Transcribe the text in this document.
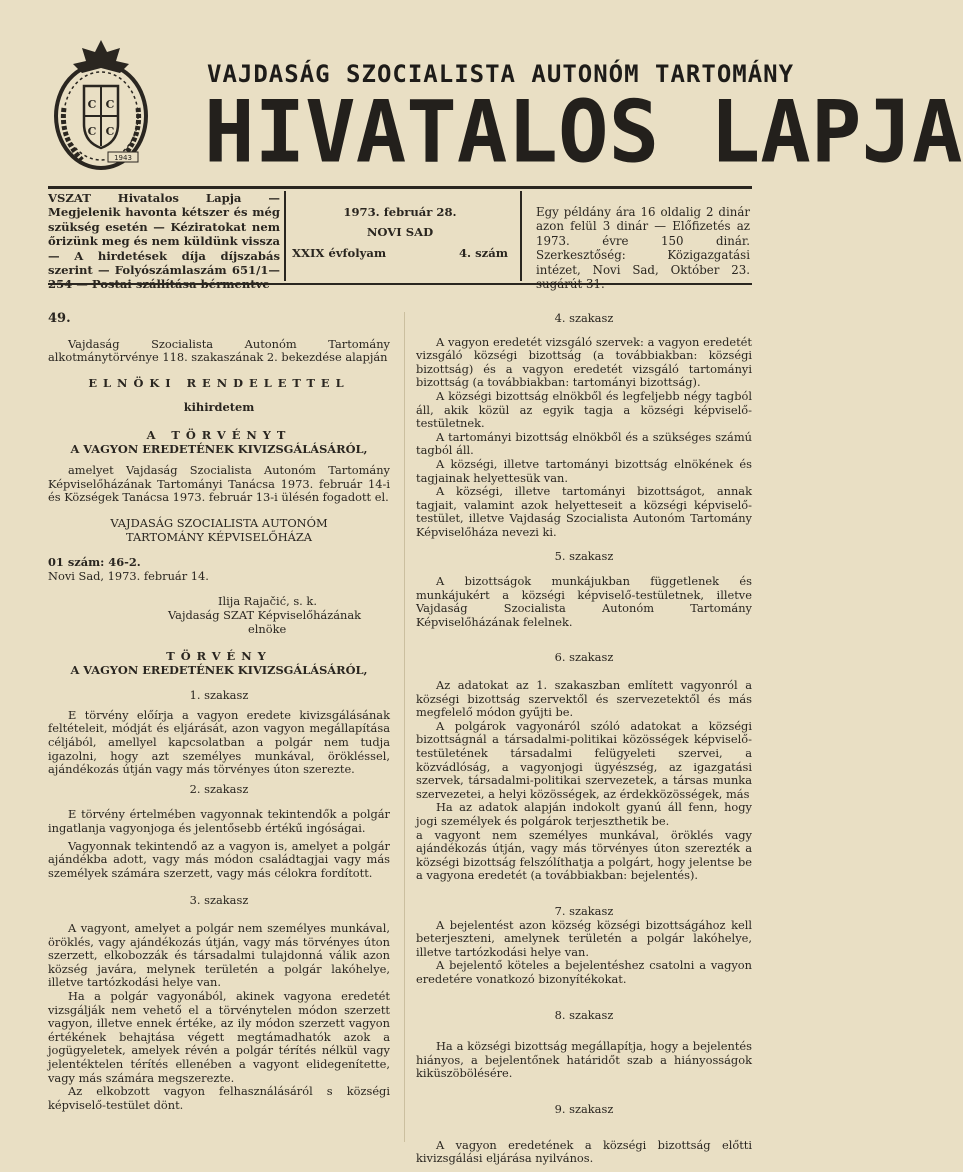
C C
C C
1943
VAJDASÁG SZOCIALISTA AUTONÓM TARTOMÁNY
HIVATALOS LAPJA
VSZAT Hivatalos Lapja — Megjelenik havonta kétszer és még szükség esetén — Kéziratokat nem őrizünk meg és nem küldünk vissza — A hirdetések díja díjszabás szerint — Folyószámlaszám 651/1—
1973. február 28.
NOVI SAD
XXIX évfolyam	4. szám
Egy példány ára 16 oldalig 2 dinár azon felül 3 dinár — Előfizetés az 1973. évre 150 dinár. Szerkesztőség: Közigazgatási intézet, Novi Sad, Október 23.

49.

Vajdaság Szocialista Autonóm Tartomány alkotmánytörvénye 118. szakaszának 2. bekezdése alapján

ELNÖKI RENDELETTEL

kihirdetem

A TÖRVÉNYT

A VAGYON EREDETÉNEK KIVIZSGÁLÁSÁRÓL,

amelyet Vajdaság Szocialista Autonóm Tartomány Képviselőházának Tartományi Tanácsa 1973. február 14-i és Községek Tanácsa 1973. február 13-i ülésén fogadott el.

VAJDASÁG SZOCIALISTA AUTONÓM

TARTOMÁNY KÉPVISELŐHÁZA

01 szám: 46-2.

Novi Sad, 1973. február 14.

Ilija Rajačić, s. k.

Vajdaság SZAT Képviselőházának

elnöke

TÖRVÉNY

A VAGYON EREDETÉNEK KIVIZSGÁLÁSÁRÓL,

1. szakasz

E törvény előírja a vagyon eredete kivizsgálásának feltételeit, módját és eljárását, azon vagyon megállapítása céljából, amellyel kapcsolatban a polgár nem tudja igazolni, hogy azt személyes munkával, örökléssel, ajándékozás útján vagy más törvényes úton szerezte.

2. szakasz

E törvény értelmében vagyonnak tekintendők a polgár ingatlanja vagyonjoga és jelentősebb értékű ingóságai.

Vagyonnak tekintendő az a vagyon is, amelyet a polgár ajándékba adott, vagy más módon családtagjai vagy más személyek számára szerzett, vagy más célokra fordított.

3. szakasz

A vagyont, amelyet a polgár nem személyes munkával, öröklés, vagy ajándékozás útján, vagy más törvényes úton szerzett, elkobozzák és társadalmi tulajdonná válik azon község javára, melynek területén a polgár lakóhelye, illetve tartózkodási helye van.

Ha a polgár vagyonából, akinek vagyona eredetét vizsgálják nem vehető el a törvénytelen módon szerzett vagyon, illetve ennek értéke, az ily módon szerzett vagyon értékének behajtása végett megtámadhatók azok a jogügyeletek, amelyek révén a polgár térítés nélkül vagy jelentéktelen térítés ellenében a vagyont elidegenítette, vagy más számára megszerezte.

Az elkobzott vagyon felhasználásáról s községi képviselő-testület dönt.

4. szakasz

A vagyon eredetét vizsgáló szervek: a vagyon eredetét vizsgáló községi bizottság (a továbbiakban: községi bizottság) és a vagyon eredetét vizsgáló tartományi bizottság (a továbbiakban: tartományi bizottság).

A községi bizottság elnökből és legfeljebb négy tagból áll, akik közül az egyik tagja a községi képviselő-testületnek.

A tartományi bizottság elnökből és a szükséges számú tagból áll.

A községi, illetve tartományi bizottság elnökének és tagjainak helyettesük van.

A községi, illetve tartományi bizottságot, annak tagjait, valamint azok helyetteseit a községi képviselő-testület, illetve Vajdaság Szocialista Autonóm Tartomány Képviselőháza nevezi ki.

5. szakasz

A bizottságok munkájukban függetlenek és munkájukért a községi képviselő-testületnek, illetve Vajdaság Szocialista Autonóm Tartomány Képviselőházának felelnek.

6. szakasz

Az adatokat az 1. szakaszban említett vagyonról a községi bizottság szervektől és szervezetektől és más megfelelő módon gyűjti be.

A polgárok vagyonáról szóló adatokat a községi bizottságnál a társadalmi-politikai közösségek képviselő-testületének társadalmi felügyeleti szervei, a közvádlóság, a vagyonjogi ügyészség, az igazgatási szervek, társadalmi-politikai szervezetek, a társas munka szervezetei, a helyi közösségek, az érdekközösségek, más

Ha az adatok alapján indokolt gyanú áll fenn, hogy jogi személyek és polgárok terjeszthetik be.

a vagyont nem személyes munkával, öröklés vagy ajándékozás útján, vagy más törvényes úton szerezték a községi bizottság felszólíthatja a polgárt, hogy jelentse be a vagyona eredetét (a továbbiakban: bejelentés).

7. szakasz

A bejelentést azon község községi bizottságához kell beterjeszteni, amelynek területén a polgár lakóhelye, illetve tartózkodási helye van.

A bejelentő köteles a bejelentéshez csatolni a vagyon eredetére vonatkozó bizonyítékokat.

8. szakasz

Ha a községi bizottság megállapítja, hogy a bejelentés hiányos, a bejelentőnek határidőt szab a hiányosságok kiküszöbölésére.

9. szakasz

A vagyon eredetének a községi bizottság előtti kivizsgálási eljárása nyilvános.
